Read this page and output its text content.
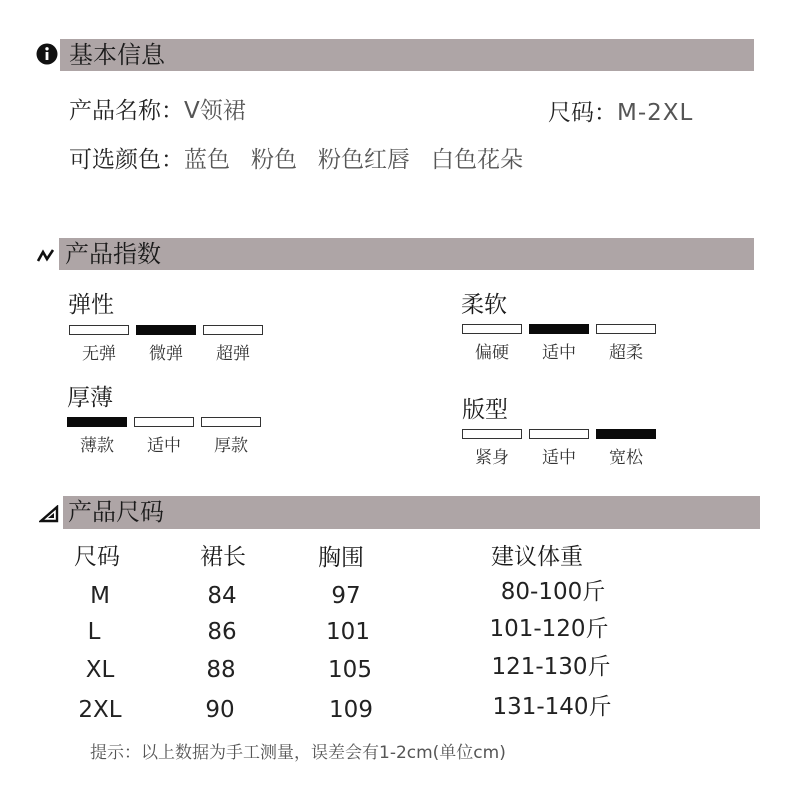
基本信息
产品名称：V领裙	尺码：M-2XL
可选颜色：蓝色 粉色 粉色红唇 白色花朵
产品指数
弹性
无弹	微弹	超弹
柔软
偏硬	适中	超柔
厚薄
薄款	适中	厚款
版型
紧身	适中	宽松
产品尺码
尺码	裙长	胸围	建议体重
M	84	97	80-100斤
L	86	101	101-120斤
XL	88	105	121-130斤
2XL	90	109	131-140斤
提示：以上数据为手工测量，误差会有1-2cm(单位cm)
